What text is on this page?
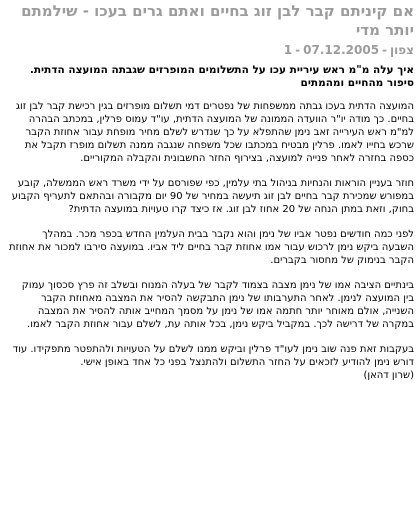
אם קיניתם קבר לבן זוג בחיים ואתם גרים בעכו - שילמתם יותר מדי
צפון-1 - 07.12.2005
איך עלה מ"מ ראש עיריית עכו על התשלומים המופרזים שגבתה המועצה הדתית.
סיפור מהחיים ומהמתים

המועצה הדתית בעכו גבתה ממשפחות של נפטרים דמי תשלום מופרזים בגין רכישת קבר לבן זוג בחיים. כך מודה יו"ר הוועדה הממונה של המועצה הדתית, עו"ד עמוס פרלין, במכתב הבהרה למ"מ ראש העירייה זאב נימן שהתפלא על כך שנדרש לשלם מחיר מופחת עבור אחוזת הקבר שרכש בחייו לאמו. פרלין מבטיח במכתבו שכל משפחה שנגבה ממנה תשלום מופרז תקבל את כספה בחזרה לאחר פנייה למועצה, בצירוף החזר החשבונית והקבלה המקוריים.

חוזר בעניין הוראות והנחיות בניהול בתי עלמין, כפי שפורסם על ידי משרד ראש הממשלה, קובע במפורש שמכירת קבר בחיים לבן זוג תיעשה במחיר של 90 יום מקבורה ובהתאם לתעריף הקבוע בחוק, וזאת במתן הנחה של 20 אחוז לבן זוג. אז כיצד קרו טעויות במועצה הדתית?

לפני כמה חודשים נפטר אביו של נימן והוא נקבר בבית העלמין החדש בכפר מכר. במהלך השבעה ביקש נימן לרכוש עבור אמו אחוזת קבר בחיים ליד אביו. במועצה סירבו למכור את אחוזת הקבר בנימוק של מחסור בקברים.

בינתיים הציבה אמו של נימן מצבה בצמוד לקבר של בעלה המנוח ובשלב זה פרץ סכסוך עמוק בין המועצה לנימן. לאחר התערבותו של נימן התבקשה להסיר את המצבה מאחוזת הקבר השנייה, אולם מאוחר יותר חתמה אמו של נימן על מסמך המחייב אותה להסיר את המצבה במקרה של דרישה לכך. במקביל ביקש נימן, בכל אותה עת, לשלם עבור אחוזת הקבר לאמו.

בעקבות זאת פנה שוב נימן לעו"ד פרלין וביקש ממנו לשלם על הטעויות ולהתפטר מתפקידו. עוד דורש נימן להודיע לזכאים על החזר התשלום ולהתנצל בפני כל אחד באופן אישי.

(שרון דהאן)
